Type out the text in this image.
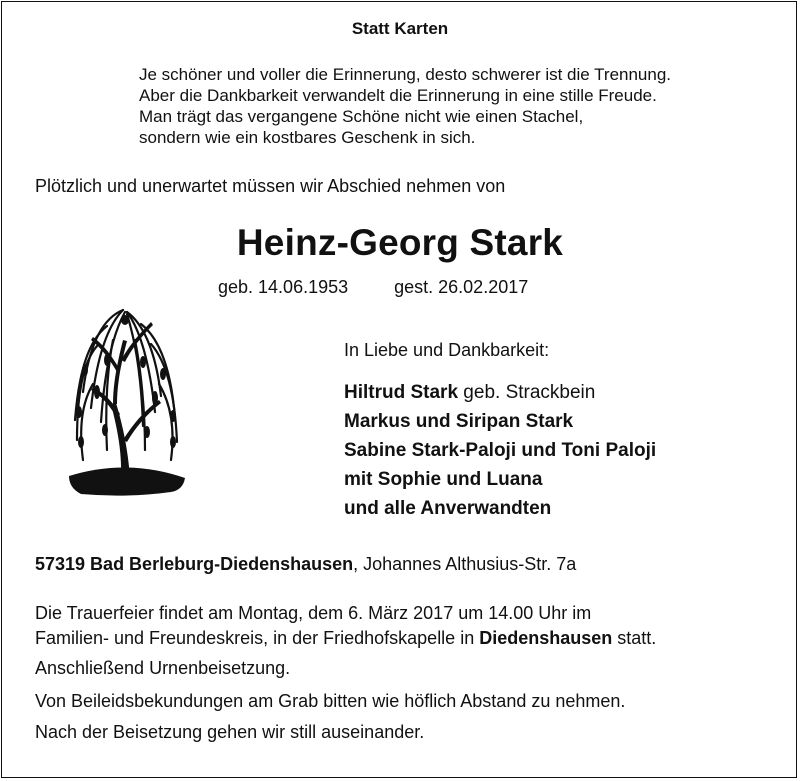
Statt Karten
Je schöner und voller die Erinnerung, desto schwerer ist die Trennung.
Aber die Dankbarkeit verwandelt die Erinnerung in eine stille Freude.
Man trägt das vergangene Schöne nicht wie einen Stachel,
sondern wie ein kostbares Geschenk in sich.
Plötzlich und unerwartet müssen wir Abschied nehmen von
Heinz-Georg Stark
geb. 14.06.1953	gest. 26.02.2017
In Liebe und Dankbarkeit:
Hiltrud Stark geb. Strackbein
Markus und Siripan Stark
Sabine Stark-Paloji und Toni Paloji
mit Sophie und Luana
und alle Anverwandten
57319 Bad Berleburg-Diedenshausen, Johannes Althusius-Str. 7a
Die Trauerfeier findet am Montag, dem 6. März 2017 um 14.00 Uhr im
Familien- und Freundeskreis, in der Friedhofskapelle in Diedenshausen statt.
Anschließend Urnenbeisetzung.
Von Beileidsbekundungen am Grab bitten wie höflich Abstand zu nehmen.
Nach der Beisetzung gehen wir still auseinander.
